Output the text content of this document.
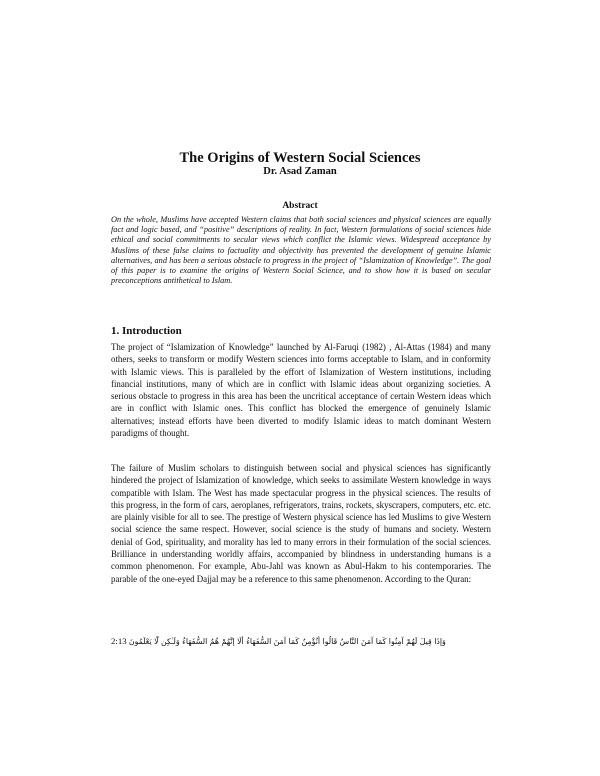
The Origins of Western Social Sciences
Dr. Asad Zaman
Abstract
On the whole, Muslims have accepted Western claims that both social sciences and physical sciences are equally fact and logic based, and “positive” descriptions of reality. In fact, Western formulations of social sciences hide ethical and social commitments to secular views which conflict the Islamic views. Widespread acceptance by Muslims of these false claims to factuality and objectivity has prevented the development of genuine Islamic alternatives, and has been a serious obstacle to progress in the project of “Islamization of Knowledge”. The goal of this paper is to examine the origins of Western Social Science, and to show how it is based on secular preconceptions antithetical to Islam.
1. Introduction
The project of “Islamization of Knowledge” launched by Al-Faruqi (1982) , Al-Attas (1984) and many others, seeks to transform or modify Western sciences into forms acceptable to Islam, and in conformity with Islamic views. This is paralleled by the effort of Islamization of Western institutions, including financial institutions, many of which are in conflict with Islamic ideas about organizing societies. A serious obstacle to progress in this area has been the uncritical acceptance of certain Western ideas which are in conflict with Islamic ones. This conflict has blocked the emergence of genuinely Islamic alternatives; instead efforts have been diverted to modify Islamic ideas to match dominant Western paradigms of thought.
The failure of Muslim scholars to distinguish between social and physical sciences has significantly hindered the project of Islamization of knowledge, which seeks to assimilate Western knowledge in ways compatible with Islam. The West has made spectacular progress in the physical sciences. The results of this progress, in the form of cars, aeroplanes, refrigerators, trains, rockets, skyscrapers, computers, etc. etc. are plainly visible for all to see. The prestige of Western physical science has led Muslims to give Western social science the same respect. However, social science is the study of humans and society. Western denial of God, spirituality, and morality has led to many errors in their formulation of the social sciences. Brilliance in understanding worldly affairs, accompanied by blindness in understanding humans is a common phenomenon. For example, Abu-Jahl was known as Abul-Hakm to his contemporaries. The parable of the one-eyed Dajjal may be a reference to this same phenomenon. According to the Quran:
2:13 وَإِذَا قِيلَ لَهُمْ آمِنُوا كَمَا آمَنَ النَّاسُ قَالُوا أَنُؤْمِنُ كَمَا آمَنَ السُّفَهَاءُ أَلَا إِنَّهُمْ هُمُ السُّفَهَاءُ وَلَـٰكِن لَّا يَعْلَمُونَ
